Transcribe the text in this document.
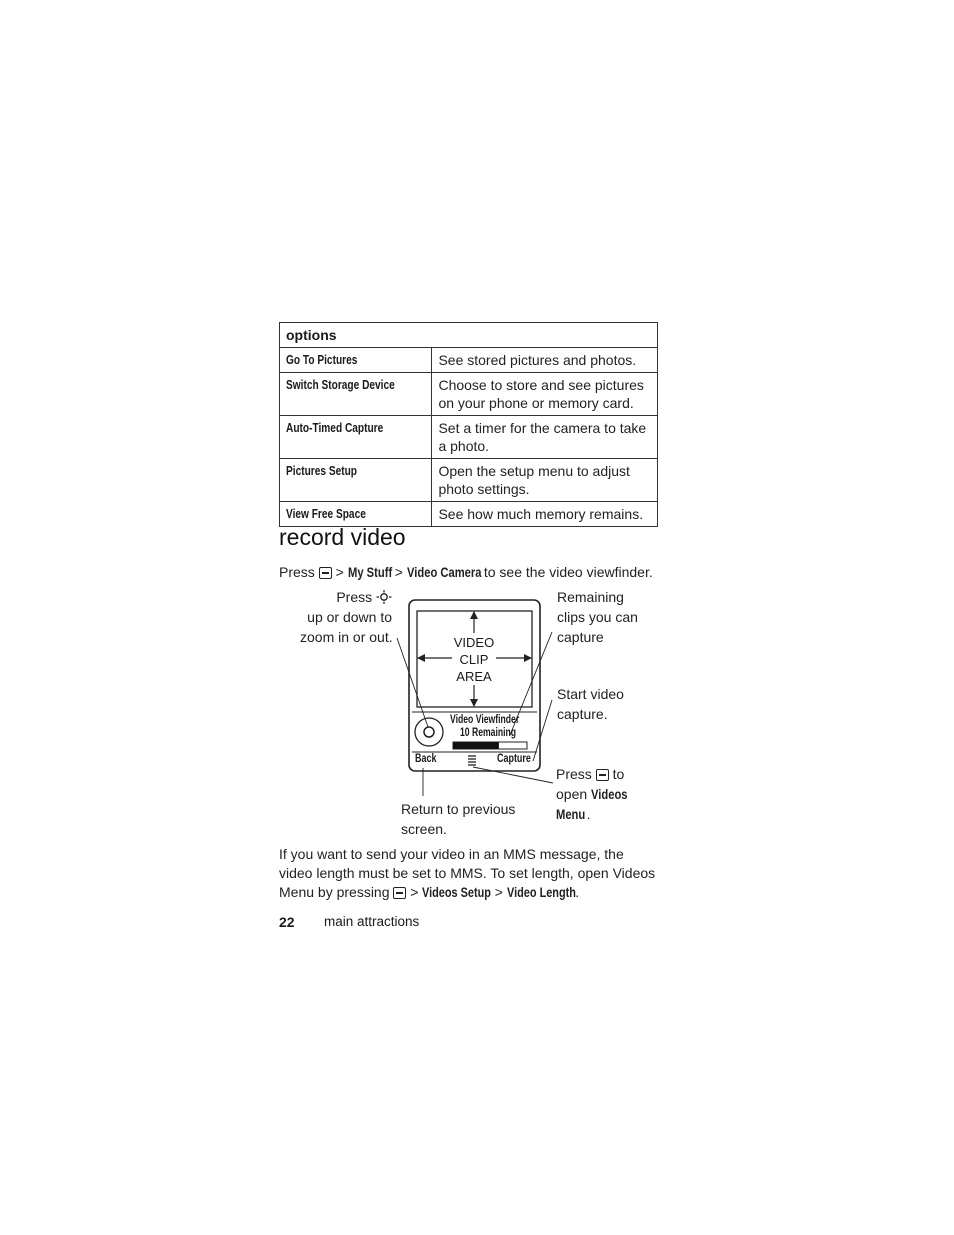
options	
Go To Pictures	See stored pictures and photos.
Switch Storage Device	Choose to store and see pictures on your phone or memory card.
Auto-Timed Capture	Set a timer for the camera to take a photo.
Pictures Setup	Open the setup menu to adjust photo settings.
View Free Space	See how much memory remains.
record video
Press > My Stuff > Video Camera to see the video viewfinder.
VIDEO
CLIP
AREA
Video Viewfinder
10 Remaining
Back	Capture
Press
up or down to
zoom in or out.
Remaining
clips you can
capture
Start video
capture.
Press to
open Videos
Menu.
Return to previous
screen.
If you want to send your video in an MMS message, the video length must be set to MMS. To set length, open Videos Menu by pressing > Videos Setup > Video Length.
22 main attractions
